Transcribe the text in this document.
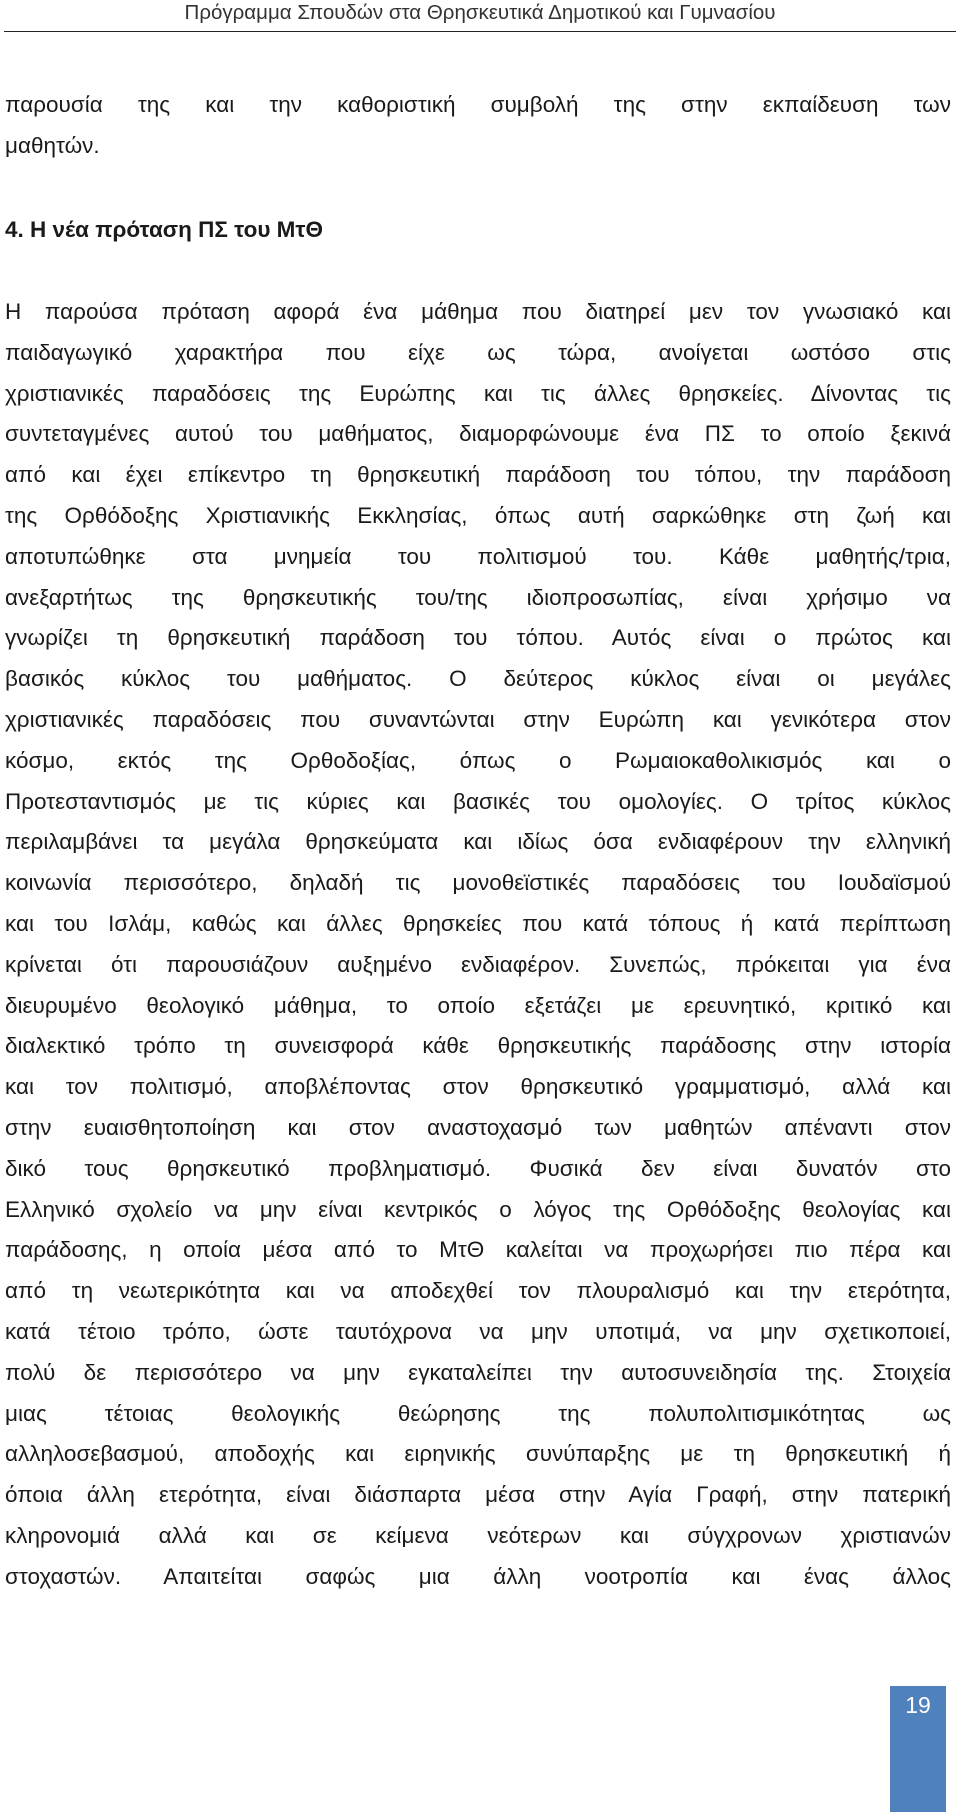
Πρόγραμμα Σπουδών στα Θρησκευτικά Δημοτικού και Γυμνασίου
παρουσία της και την καθοριστική συμβολή της στην εκπαίδευση των
μαθητών.
4. Η νέα πρόταση ΠΣ του ΜτΘ
Η παρούσα πρόταση αφορά ένα μάθημα που διατηρεί μεν τον γνωσιακό και
παιδαγωγικό χαρακτήρα που είχε ως τώρα, ανοίγεται ωστόσο στις
χριστιανικές παραδόσεις της Ευρώπης και τις άλλες θρησκείες. Δίνοντας τις
συντεταγμένες αυτού του μαθήματος, διαμορφώνουμε ένα ΠΣ το οποίο ξεκινά
από και έχει επίκεντρο τη θρησκευτική παράδοση του τόπου, την παράδοση
της Ορθόδοξης Χριστιανικής Εκκλησίας, όπως αυτή σαρκώθηκε στη ζωή και
αποτυπώθηκε στα μνημεία του πολιτισμού του. Κάθε μαθητής/τρια,
ανεξαρτήτως της θρησκευτικής του/της ιδιοπροσωπίας, είναι χρήσιμο να
γνωρίζει τη θρησκευτική παράδοση του τόπου. Αυτός είναι ο πρώτος και
βασικός κύκλος του μαθήματος. Ο δεύτερος κύκλος είναι οι μεγάλες
χριστιανικές παραδόσεις που συναντώνται στην Ευρώπη και γενικότερα στον
κόσμο, εκτός της Ορθοδοξίας, όπως ο Ρωμαιοκαθολικισμός και ο
Προτεσταντισμός με τις κύριες και βασικές του ομολογίες. Ο τρίτος κύκλος
περιλαμβάνει τα μεγάλα θρησκεύματα και ιδίως όσα ενδιαφέρουν την ελληνική
κοινωνία περισσότερο, δηλαδή τις μονοθεϊστικές παραδόσεις του Ιουδαϊσμού
και του Ισλάμ, καθώς και άλλες θρησκείες που κατά τόπους ή κατά περίπτωση
κρίνεται ότι παρουσιάζουν αυξημένο ενδιαφέρον. Συνεπώς, πρόκειται για ένα
διευρυμένο θεολογικό μάθημα, το οποίο εξετάζει με ερευνητικό, κριτικό και
διαλεκτικό τρόπο τη συνεισφορά κάθε θρησκευτικής παράδοσης στην ιστορία
και τον πολιτισμό, αποβλέποντας στον θρησκευτικό γραμματισμό, αλλά και
στην ευαισθητοποίηση και στον αναστοχασμό των μαθητών απέναντι στον
δικό τους θρησκευτικό προβληματισμό. Φυσικά δεν είναι δυνατόν στο
Ελληνικό σχολείο να μην είναι κεντρικός ο λόγος της Ορθόδοξης θεολογίας και
παράδοσης, η οποία μέσα από το ΜτΘ καλείται να προχωρήσει πιο πέρα και
από τη νεωτερικότητα και να αποδεχθεί τον πλουραλισμό και την ετερότητα,
κατά τέτοιο τρόπο, ώστε ταυτόχρονα να μην υποτιμά, να μην σχετικοποιεί,
πολύ δε περισσότερο να μην εγκαταλείπει την αυτοσυνειδησία της. Στοιχεία
μιας τέτοιας θεολογικής θεώρησης της πολυπολιτισμικότητας ως
αλληλοσεβασμού, αποδοχής και ειρηνικής συνύπαρξης με τη θρησκευτική ή
όποια άλλη ετερότητα, είναι διάσπαρτα μέσα στην Αγία Γραφή, στην πατερική
κληρονομιά αλλά και σε κείμενα νεότερων και σύγχρονων χριστιανών
στοχαστών. Απαιτείται σαφώς μια άλλη νοοτροπία και ένας άλλος
19
